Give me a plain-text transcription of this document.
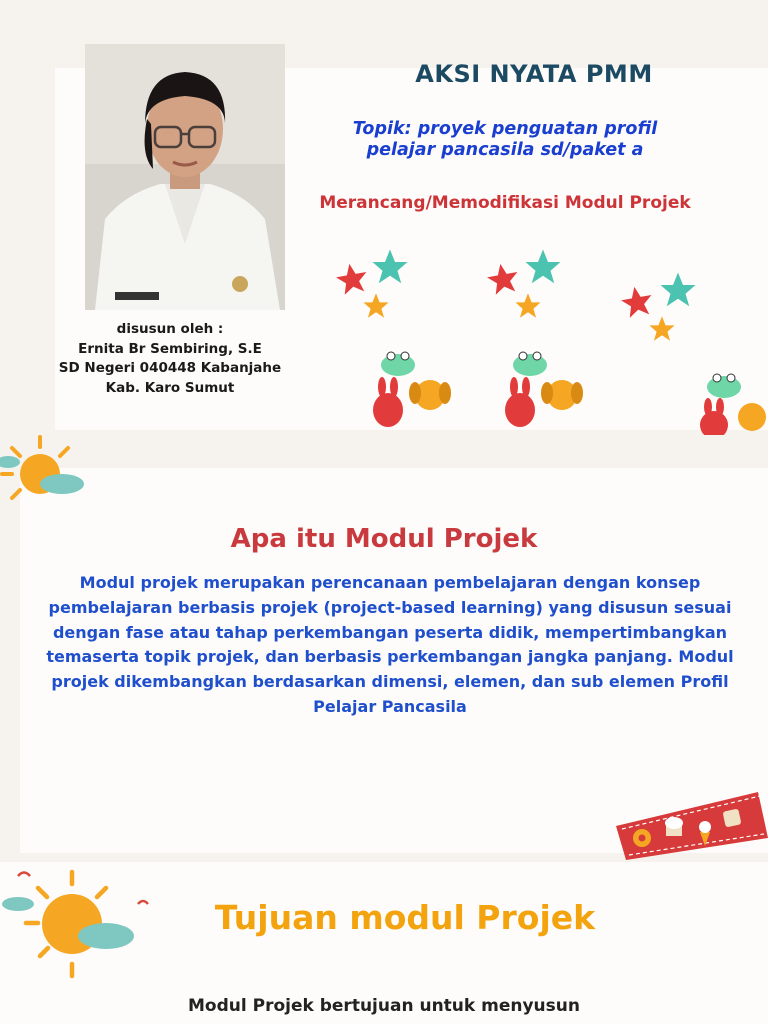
disusun oleh :
Ernita Br Sembiring, S.E
SD Negeri 040448 Kabanjahe
Kab. Karo Sumut
AKSI NYATA PMM
Topik: proyek penguatan profil
pelajar pancasila sd/paket a
Merancang/Memodifikasi Modul Projek
Apa itu Modul Projek
Modul projek merupakan perencanaan pembelajaran dengan konsep
pembelajaran berbasis projek (project-based learning) yang disusun sesuai
dengan fase atau tahap perkembangan peserta didik, mempertimbangkan
temaserta topik projek, dan berbasis perkembangan jangka panjang. Modul
projek dikembangkan berdasarkan dimensi, elemen, dan sub elemen Profil
Pelajar Pancasila
Tujuan modul Projek
Modul Projek bertujuan untuk menyusun
